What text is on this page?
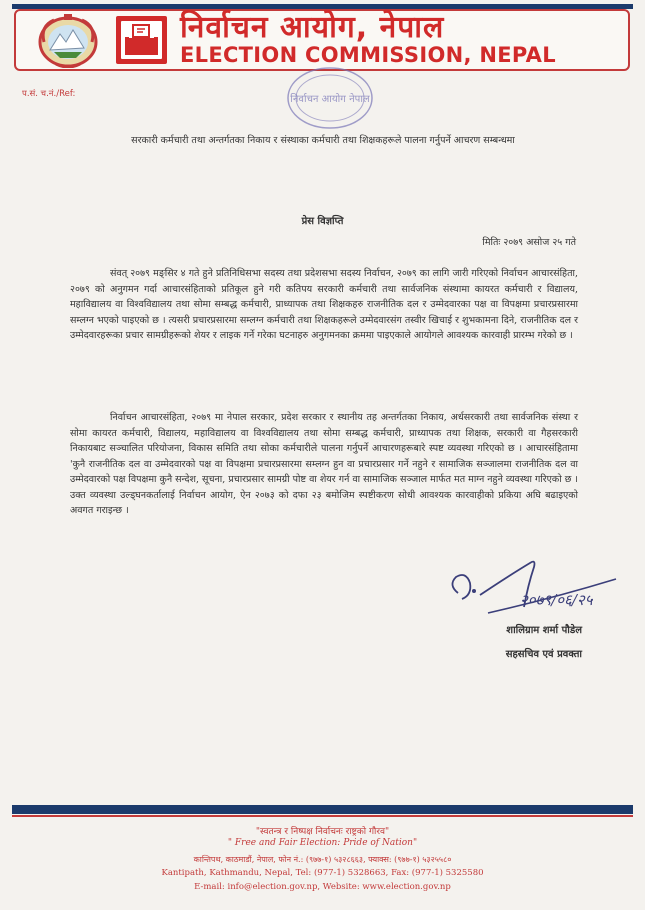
निर्वाचन आयोग, नेपाल
ELECTION COMMISSION, NEPAL
प.सं. च.नं./Ref:	निर्वाचन आयोग नेपाल
सरकारी कर्मचारी तथा अन्तर्गतका निकाय र संस्थाका कर्मचारी तथा शिक्षकहरूले पालना गर्नुपर्ने आचरण सम्बन्धमा
प्रेस विज्ञप्ति
मितिः २०७९ असोज २५ गते
संवत् २०७९ मङ्सिर ४ गते हुने प्रतिनिधिसभा सदस्य तथा प्रदेशसभा सदस्य निर्वाचन, २०७९ का लागि जारी गरिएको निर्वाचन आचारसंहिता, २०७९ को अनुगमन गर्दा आचारसंहिताको प्रतिकूल हुने गरी कतिपय सरकारी कर्मचारी तथा सार्वजनिक संस्थामा कायरत कर्मचारी र विद्यालय, महाविद्यालय वा विश्वविद्यालय तथा सोमा सम्बद्ध कर्मचारी, प्राध्यापक तथा शिक्षकहरु राजनीतिक दल र उम्मेदवारका पक्ष वा विपक्षमा प्रचारप्रसारमा सम्लग्न भएको पाइएको छ । त्यसरी प्रचारप्रसारमा सम्लग्न कर्मचारी तथा शिक्षकहरूले उम्मेदवारसंग तस्वीर खिचाई र शुभकामना दिने, राजनीतिक दल र उम्मेदवारहरूका प्रचार सामग्रीहरूको शेयर र लाइक गर्ने गरेका घटनाहरु अनुगमनका क्रममा पाइएकाले आयोगले आवश्यक कारवाही प्रारम्भ गरेको छ ।
निर्वाचन आचारसंहिता, २०७९ मा नेपाल सरकार, प्रदेश सरकार र स्थानीय तह अन्तर्गतका निकाय, अर्धसरकारी तथा सार्वजनिक संस्था र सोमा कायरत कर्मचारी, विद्यालय, महाविद्यालय वा विश्वविद्यालय तथा सोमा सम्बद्ध कर्मचारी, प्राध्यापक तथा शिक्षक, सरकारी वा गैहसरकारी निकायबाट सञ्चालित परियोजना, विकास समिति तथा सोका कर्मचारीले पालना गर्नुपर्ने आचारणहरूबारे स्पष्ट व्यवस्था गरिएको छ । आचारसंहितामा 'कुनै राजनीतिक दल वा उम्मेदवारको पक्ष वा विपक्षमा प्रचारप्रसारमा सम्लग्न हुन वा प्रचारप्रसार गर्ने नहुने र सामाजिक सञ्जालमा राजनीतिक दल वा उम्मेदवारको पक्ष विपक्षमा कुनै सन्देश, सूचना, प्रचारप्रसार सामग्री पोष्ट वा शेयर गर्न वा सामाजिक सञ्जाल मार्फत मत माग्न नहुने व्यवस्था गरिएको छ । उक्त व्यवस्था उल्ड्घनकर्तालाई निर्वाचन आयोग, ऐन २०७३ को दफा २३ बमोजिम स्पष्टीकरण सोधी आवश्यक कारवाहीको प्रकिया अघि बढाइएको अवगत गराइन्छ ।
२०७९/०६/२५
शालिग्राम शर्मा पौडेल
सहसचिव एवं प्रवक्ता
"स्वतन्त्र र निष्पक्ष निर्वाचनः राष्ट्रको गौरव"
" Free and Fair Election: Pride of Nation"
कान्तिपथ, काठमाडौं, नेपाल, फोन नं.: (९७७-१) ५३२८६६३, फ्याक्स: (९७७-१) ५३२५५८०
Kantipath, Kathmandu, Nepal, Tel: (977-1) 5328663, Fax: (977-1) 5325580
E-mail: info@election.gov.np, Website: www.election.gov.np
